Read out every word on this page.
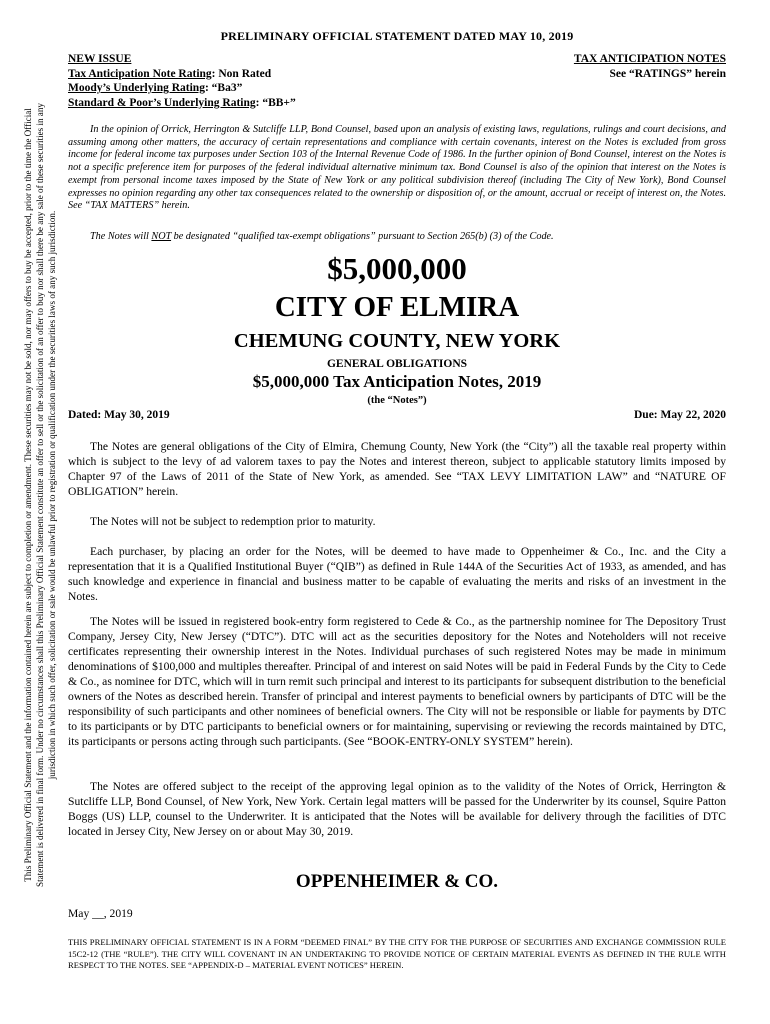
This Preliminary Official Statement and the information contained herein are subject to completion or amendment. These securities may not be sold, nor may offers to buy be accepted, prior to the time the Official Statement is delivered in final form. Under no circumstances shall this Preliminary Official Statement constitute an offer to sell or the solicitation of an offer to buy nor shall there be any sale of these securities in any jurisdiction in which such offer, solicitation or sale would be unlawful prior to registration or qualification under the securities laws of any such jurisdiction.
PRELIMINARY OFFICIAL STATEMENT DATED MAY 10, 2019
NEW ISSUE
Tax Anticipation Note Rating: Non Rated
Moody’s Underlying Rating: “Ba3”
Standard & Poor’s Underlying Rating: “BB+”
TAX ANTICIPATION NOTES
See “RATINGS” herein
In the opinion of Orrick, Herrington & Sutcliffe LLP, Bond Counsel, based upon an analysis of existing laws, regulations, rulings and court decisions, and assuming among other matters, the accuracy of certain representations and compliance with certain covenants, interest on the Notes is excluded from gross income for federal income tax purposes under Section 103 of the Internal Revenue Code of 1986. In the further opinion of Bond Counsel, interest on the Notes is not a specific preference item for purposes of the federal individual alternative minimum tax. Bond Counsel is also of the opinion that interest on the Notes is exempt from personal income taxes imposed by the State of New York or any political subdivision thereof (including The City of New York), Bond Counsel expresses no opinion regarding any other tax consequences related to the ownership or disposition of, or the amount, accrual or receipt of interest on, the Notes. See “TAX MATTERS” herein.
The Notes will NOT be designated “qualified tax-exempt obligations” pursuant to Section 265(b) (3) of the Code.
$5,000,000
CITY OF ELMIRA
CHEMUNG COUNTY, NEW YORK
GENERAL OBLIGATIONS
$5,000,000 Tax Anticipation Notes, 2019
(the “Notes”)
Dated: May 30, 2019	Due: May 22, 2020
The Notes are general obligations of the City of Elmira, Chemung County, New York (the “City”) all the taxable real property within which is subject to the levy of ad valorem taxes to pay the Notes and interest thereon, subject to applicable statutory limits imposed by Chapter 97 of the Laws of 2011 of the State of New York, as amended. See “TAX LEVY LIMITATION LAW” and “NATURE OF OBLIGATION” herein.
The Notes will not be subject to redemption prior to maturity.
Each purchaser, by placing an order for the Notes, will be deemed to have made to Oppenheimer & Co., Inc. and the City a representation that it is a Qualified Institutional Buyer (“QIB”) as defined in Rule 144A of the Securities Act of 1933, as amended, and has such knowledge and experience in financial and business matter to be capable of evaluating the merits and risks of an investment in the Notes.
The Notes will be issued in registered book-entry form registered to Cede & Co., as the partnership nominee for The Depository Trust Company, Jersey City, New Jersey (“DTC”). DTC will act as the securities depository for the Notes and Noteholders will not receive certificates representing their ownership interest in the Notes. Individual purchases of such registered Notes may be made in minimum denominations of $100,000 and multiples thereafter. Principal of and interest on said Notes will be paid in Federal Funds by the City to Cede & Co., as nominee for DTC, which will in turn remit such principal and interest to its participants for subsequent distribution to the beneficial owners of the Notes as described herein. Transfer of principal and interest payments to beneficial owners by participants of DTC will be the responsibility of such participants and other nominees of beneficial owners. The City will not be responsible or liable for payments by DTC to its participants or by DTC participants to beneficial owners or for maintaining, supervising or reviewing the records maintained by DTC, its participants or persons acting through such participants. (See “BOOK-ENTRY-ONLY SYSTEM” herein).
The Notes are offered subject to the receipt of the approving legal opinion as to the validity of the Notes of Orrick, Herrington & Sutcliffe LLP, Bond Counsel, of New York, New York. Certain legal matters will be passed for the Underwriter by its counsel, Squire Patton Boggs (US) LLP, counsel to the Underwriter. It is anticipated that the Notes will be available for delivery through the facilities of DTC located in Jersey City, New Jersey on or about May 30, 2019.
OPPENHEIMER & CO.
May __, 2019
THIS PRELIMINARY OFFICIAL STATEMENT IS IN A FORM “DEEMED FINAL” BY THE CITY FOR THE PURPOSE OF SECURITIES AND EXCHANGE COMMISSION RULE 15C2-12 (THE “RULE”). THE CITY WILL COVENANT IN AN UNDERTAKING TO PROVIDE NOTICE OF CERTAIN MATERIAL EVENTS AS DEFINED IN THE RULE WITH RESPECT TO THE NOTES. SEE “APPENDIX-D – MATERIAL EVENT NOTICES” HEREIN.
